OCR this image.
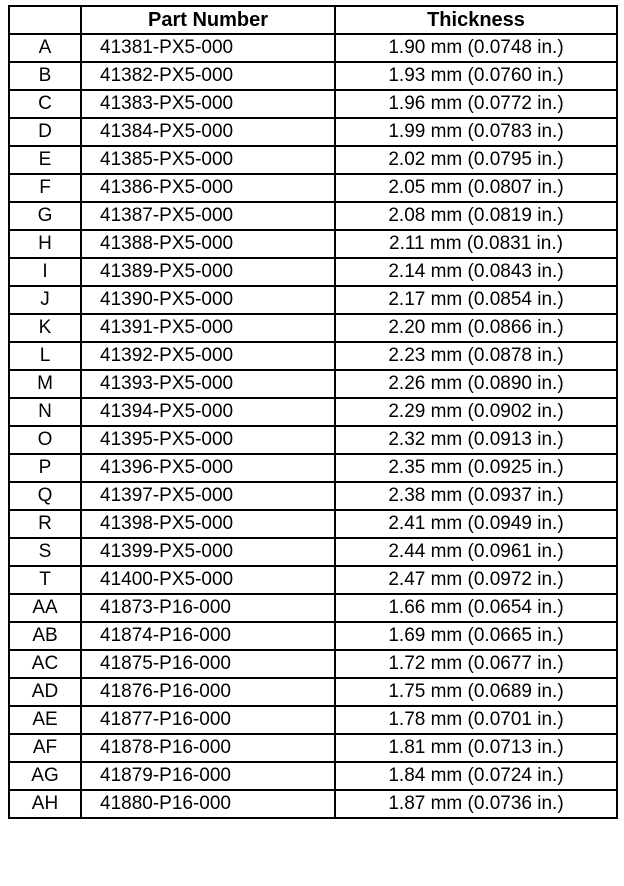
	Part Number	Thickness
A	41381-PX5-000	1.90 mm (0.0748 in.)
B	41382-PX5-000	1.93 mm (0.0760 in.)
C	41383-PX5-000	1.96 mm (0.0772 in.)
D	41384-PX5-000	1.99 mm (0.0783 in.)
E	41385-PX5-000	2.02 mm (0.0795 in.)
F	41386-PX5-000	2.05 mm (0.0807 in.)
G	41387-PX5-000	2.08 mm (0.0819 in.)
H	41388-PX5-000	2.11 mm (0.0831 in.)
I	41389-PX5-000	2.14 mm (0.0843 in.)
J	41390-PX5-000	2.17 mm (0.0854 in.)
K	41391-PX5-000	2.20 mm (0.0866 in.)
L	41392-PX5-000	2.23 mm (0.0878 in.)
M	41393-PX5-000	2.26 mm (0.0890 in.)
N	41394-PX5-000	2.29 mm (0.0902 in.)
O	41395-PX5-000	2.32 mm (0.0913 in.)
P	41396-PX5-000	2.35 mm (0.0925 in.)
Q	41397-PX5-000	2.38 mm (0.0937 in.)
R	41398-PX5-000	2.41 mm (0.0949 in.)
S	41399-PX5-000	2.44 mm (0.0961 in.)
T	41400-PX5-000	2.47 mm (0.0972 in.)
AA	41873-P16-000	1.66 mm (0.0654 in.)
AB	41874-P16-000	1.69 mm (0.0665 in.)
AC	41875-P16-000	1.72 mm (0.0677 in.)
AD	41876-P16-000	1.75 mm (0.0689 in.)
AE	41877-P16-000	1.78 mm (0.0701 in.)
AF	41878-P16-000	1.81 mm (0.0713 in.)
AG	41879-P16-000	1.84 mm (0.0724 in.)
AH	41880-P16-000	1.87 mm (0.0736 in.)
